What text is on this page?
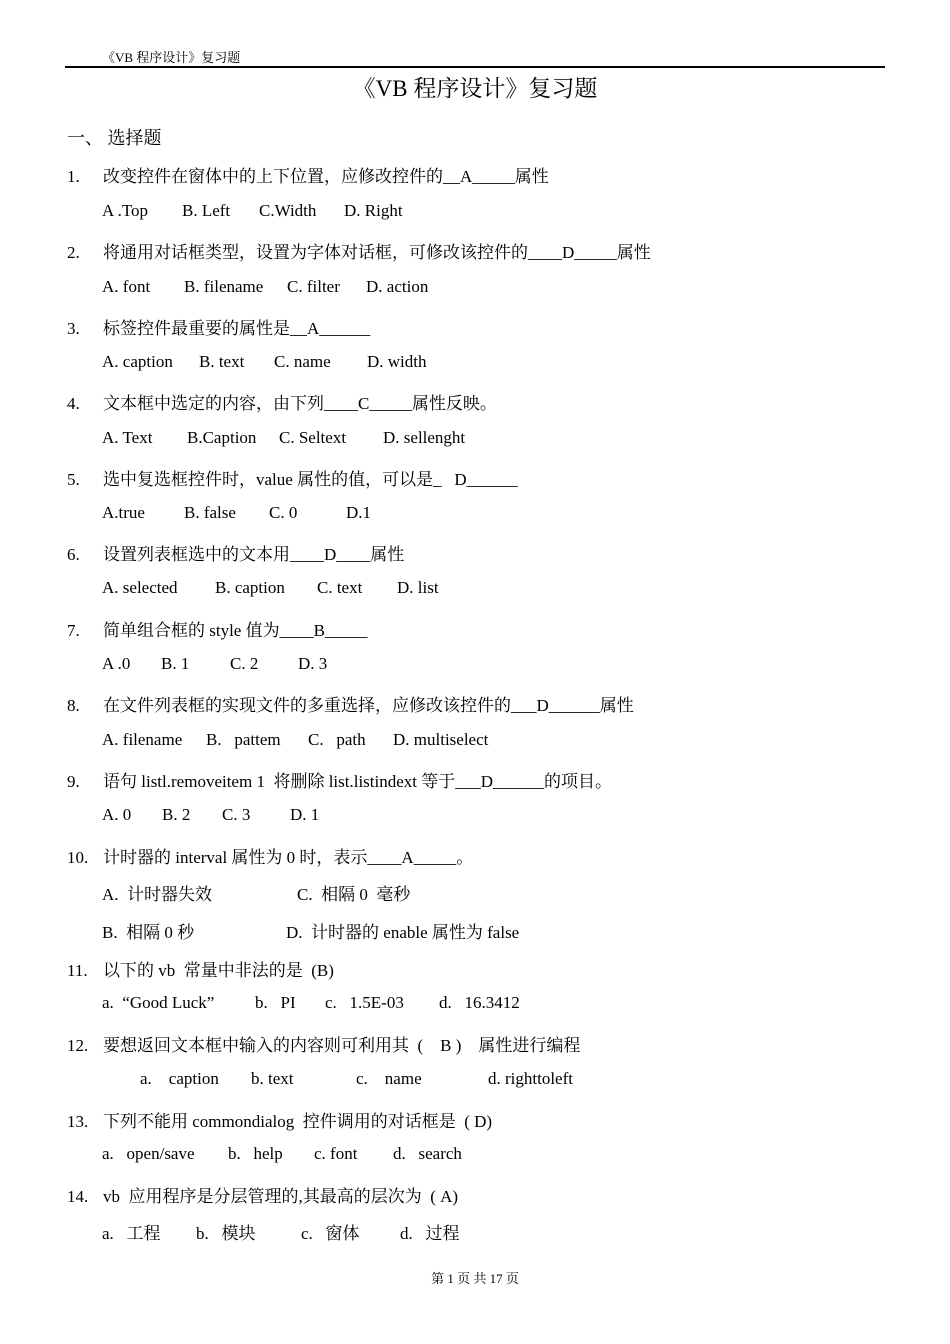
《VB 程序设计》复习题
《VB 程序设计》复习题
一、 选择题
1. 改变控件在窗体中的上下位置，应修改控件的__A_____属性

A .Top

B. Left

C.Width

D. Right

2. 将通用对话框类型，设置为字体对话框，可修改该控件的____D_____属性

A. font

B. filename

C. filter

D. action

3. 标签控件最重要的属性是__A______

A. caption

B. text

C. name

D. width

4. 文本框中选定的内容，由下列____C_____属性反映。

A. Text

B.Caption

C. Seltext

D. sellenght

5. 选中复选框控件时，value 属性的值，可以是_   D______

A.true

B. false

C. 0

	D.1

6. 设置列表框选中的文本用____D____属性

A. selected

B. caption

C. text

D. list

7. 简单组合框的 style 值为____B_____

A .0

B. 1

C. 2

D. 3

8. 在文件列表框的实现文件的多重选择，应修改该控件的___D______属性

A. filename

B.   pattem

C.   path

D. multiselect

9. 语句 listl.removeitem 1  将删除 list.listindext 等于___D______的项目。

A. 0

B. 2

C. 3

D. 1

10. 计时器的 interval 属性为 0 时，表示____A_____。

A.  计时器失效

	C.  相隔 0  毫秒

B.  相隔 0 秒

	D.  计时器的 enable 属性为 false

11. 以下的 vb  常量中非法的是  (B)

a.  “Good Luck”

b.   PI

c.   1.5E-03

d.   16.3412

12. 要想返回文本框中输入的内容则可利用其  (    B )    属性进行编程

a.    caption

b. text

	c.    name

	d. righttoleft

13. 下列不能用 commondialog  控件调用的对话框是  ( D)

a.   open/save

b.   help

c. font

d.   search

14. vb  应用程序是分层管理的,其最高的层次为  ( A)

a.   工程

b.   模块

	c.   窗体

d.   过程

第 1 页 共 17 页
